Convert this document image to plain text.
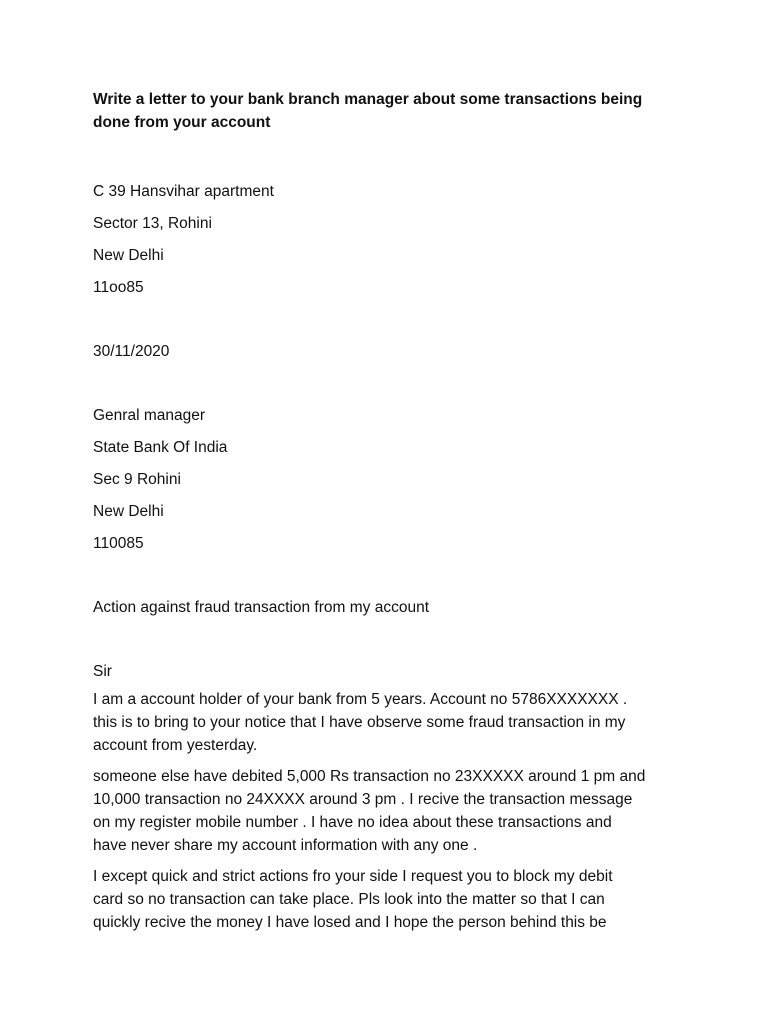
Write a letter to your bank branch manager about some transactions being
done from your account
C 39 Hansvihar apartment
Sector 13, Rohini
New Delhi
11oo85
30/11/2020
Genral manager
State Bank Of India
Sec 9 Rohini
New Delhi
110085
Action against fraud transaction from my account
Sir
I am a account holder of your bank from 5 years. Account no 5786XXXXXXX .
this is to bring to your notice that I have observe some fraud transaction in my
account from yesterday.
someone else have debited 5,000 Rs transaction no 23XXXXX around 1 pm and
10,000 transaction no 24XXXX around 3 pm . I recive the transaction message
on my register mobile number . I have no idea about these transactions and
have never share my account information with any one .
I except quick and strict actions fro your side I request you to block my debit
card so no transaction can take place. Pls look into the matter so that I can
quickly recive the money I have losed and I hope the person behind this be
